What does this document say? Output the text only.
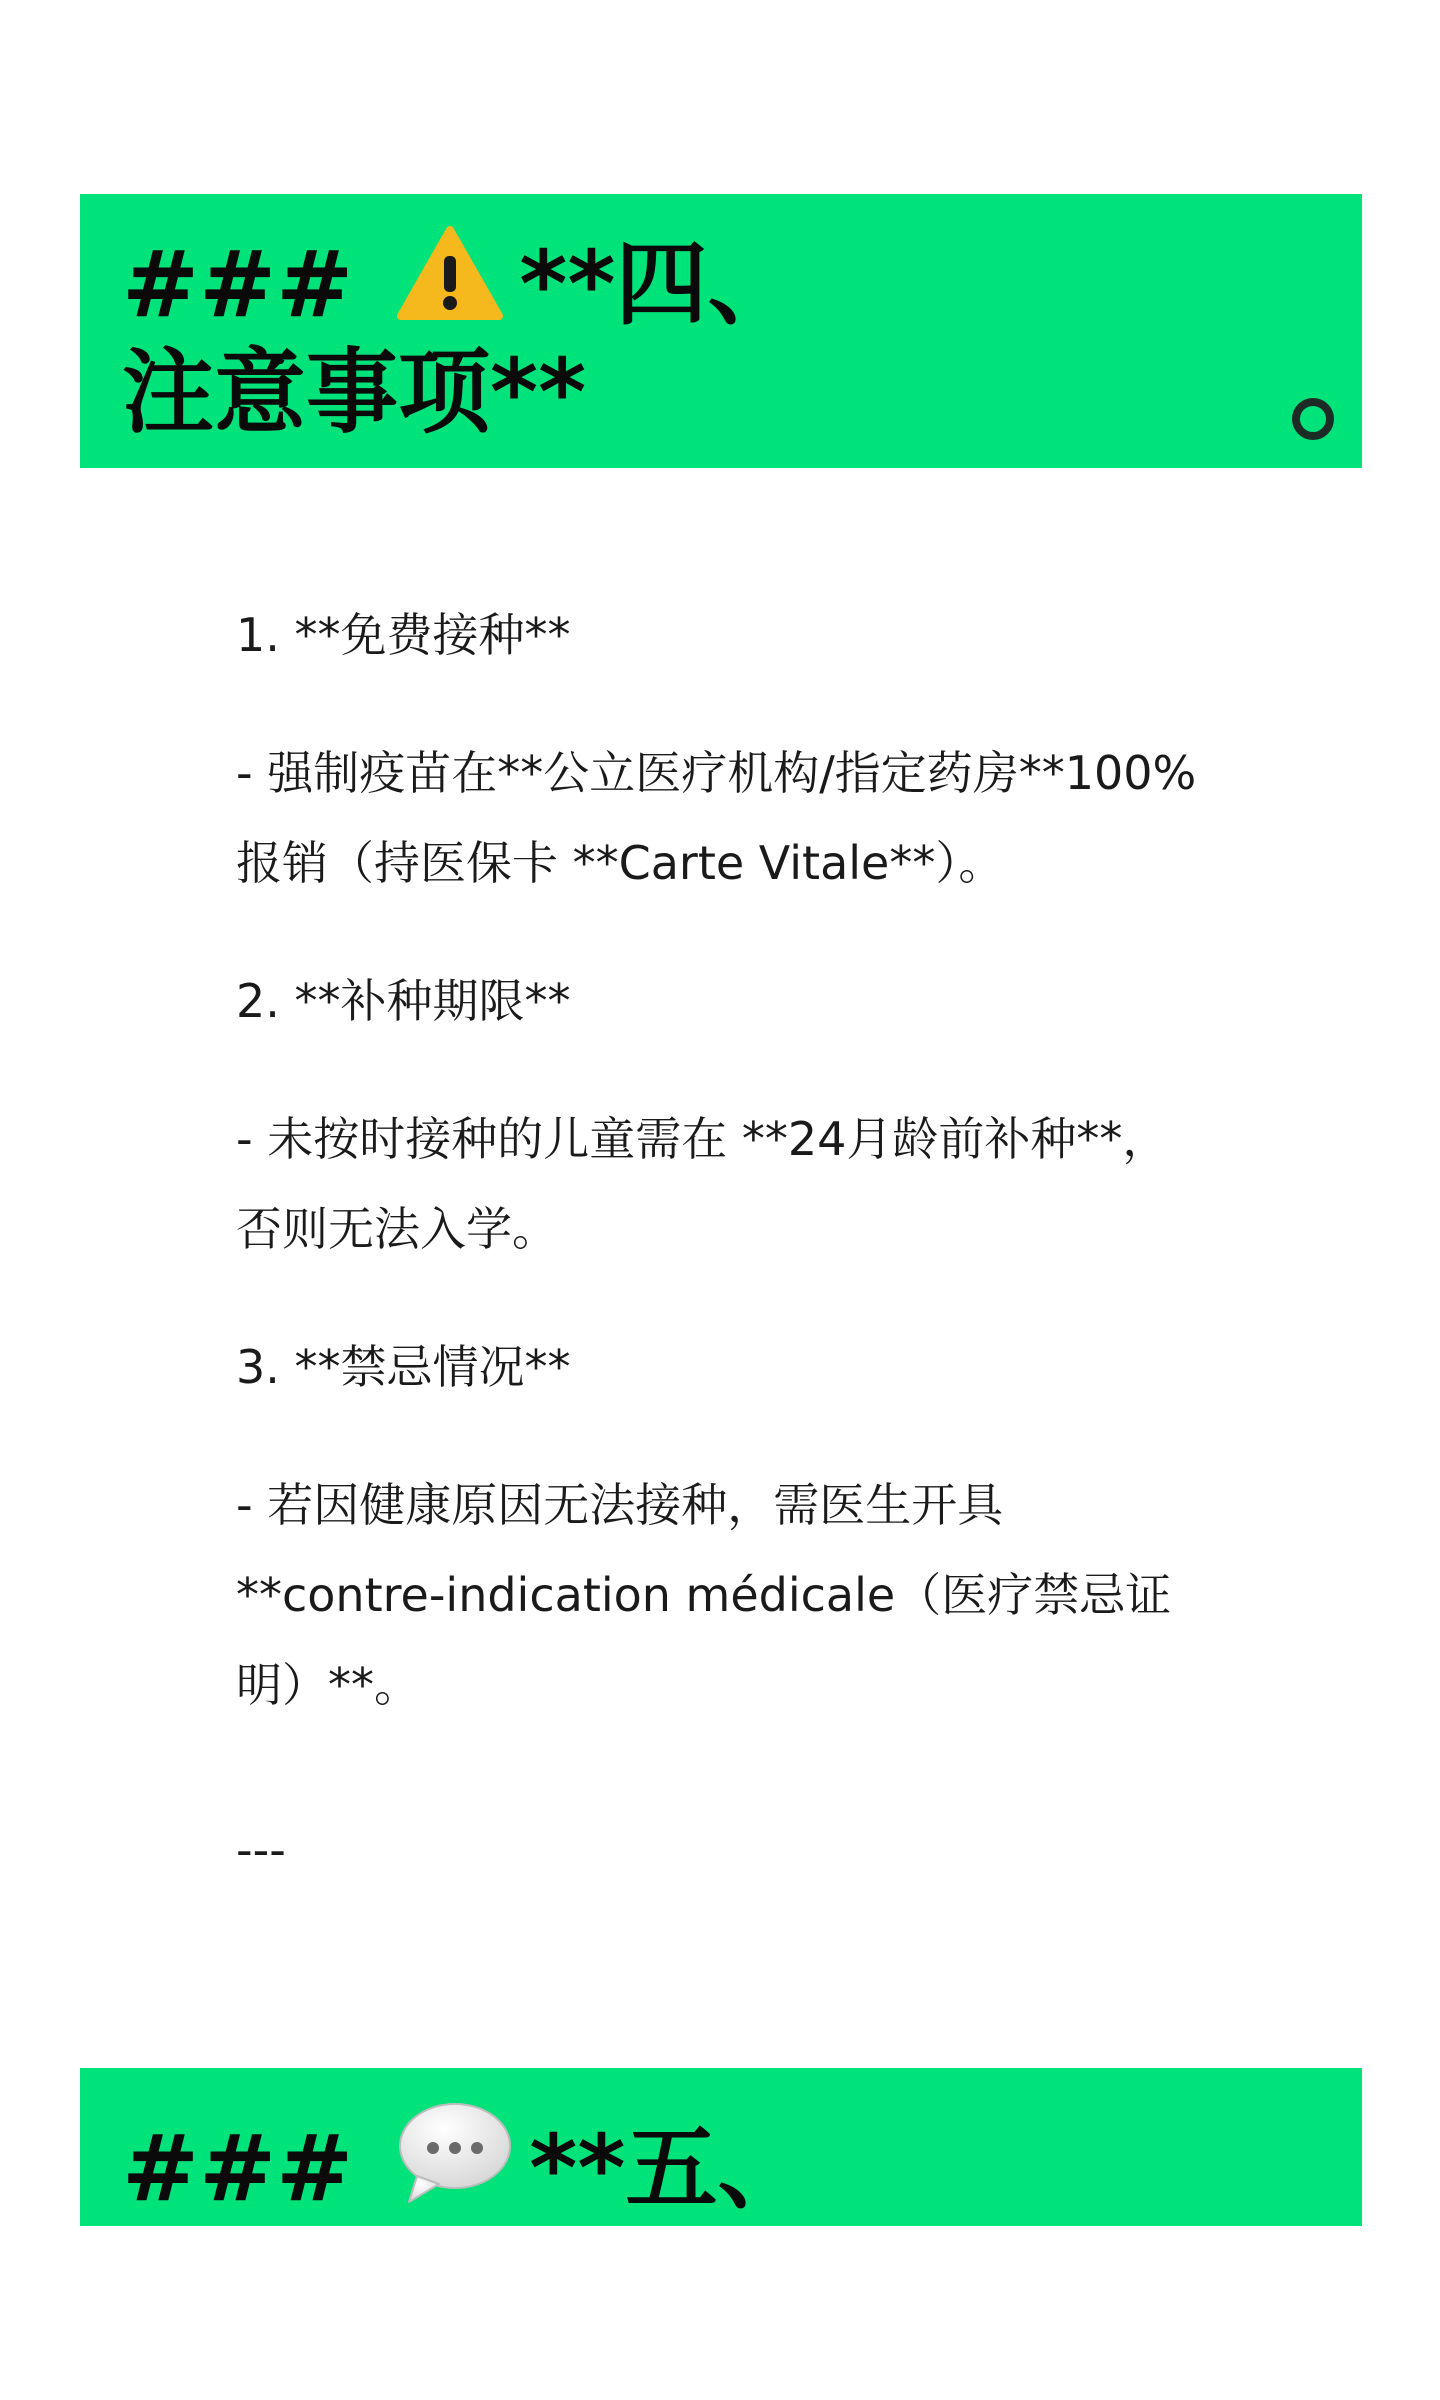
### **四、
注意事项**

1. **免费接种**

- 强制疫苗在**公立医疗机构/指定药房**100%

报销（持医保卡 **Carte Vitale**）。

2. **补种期限**

- 未按时接种的儿童需在 **24月龄前补种**，

否则无法入学。

3. **禁忌情况**

- 若因健康原因无法接种，需医生开具

**contre-indication médicale（医疗禁忌证

明）**。

---
### **五、
